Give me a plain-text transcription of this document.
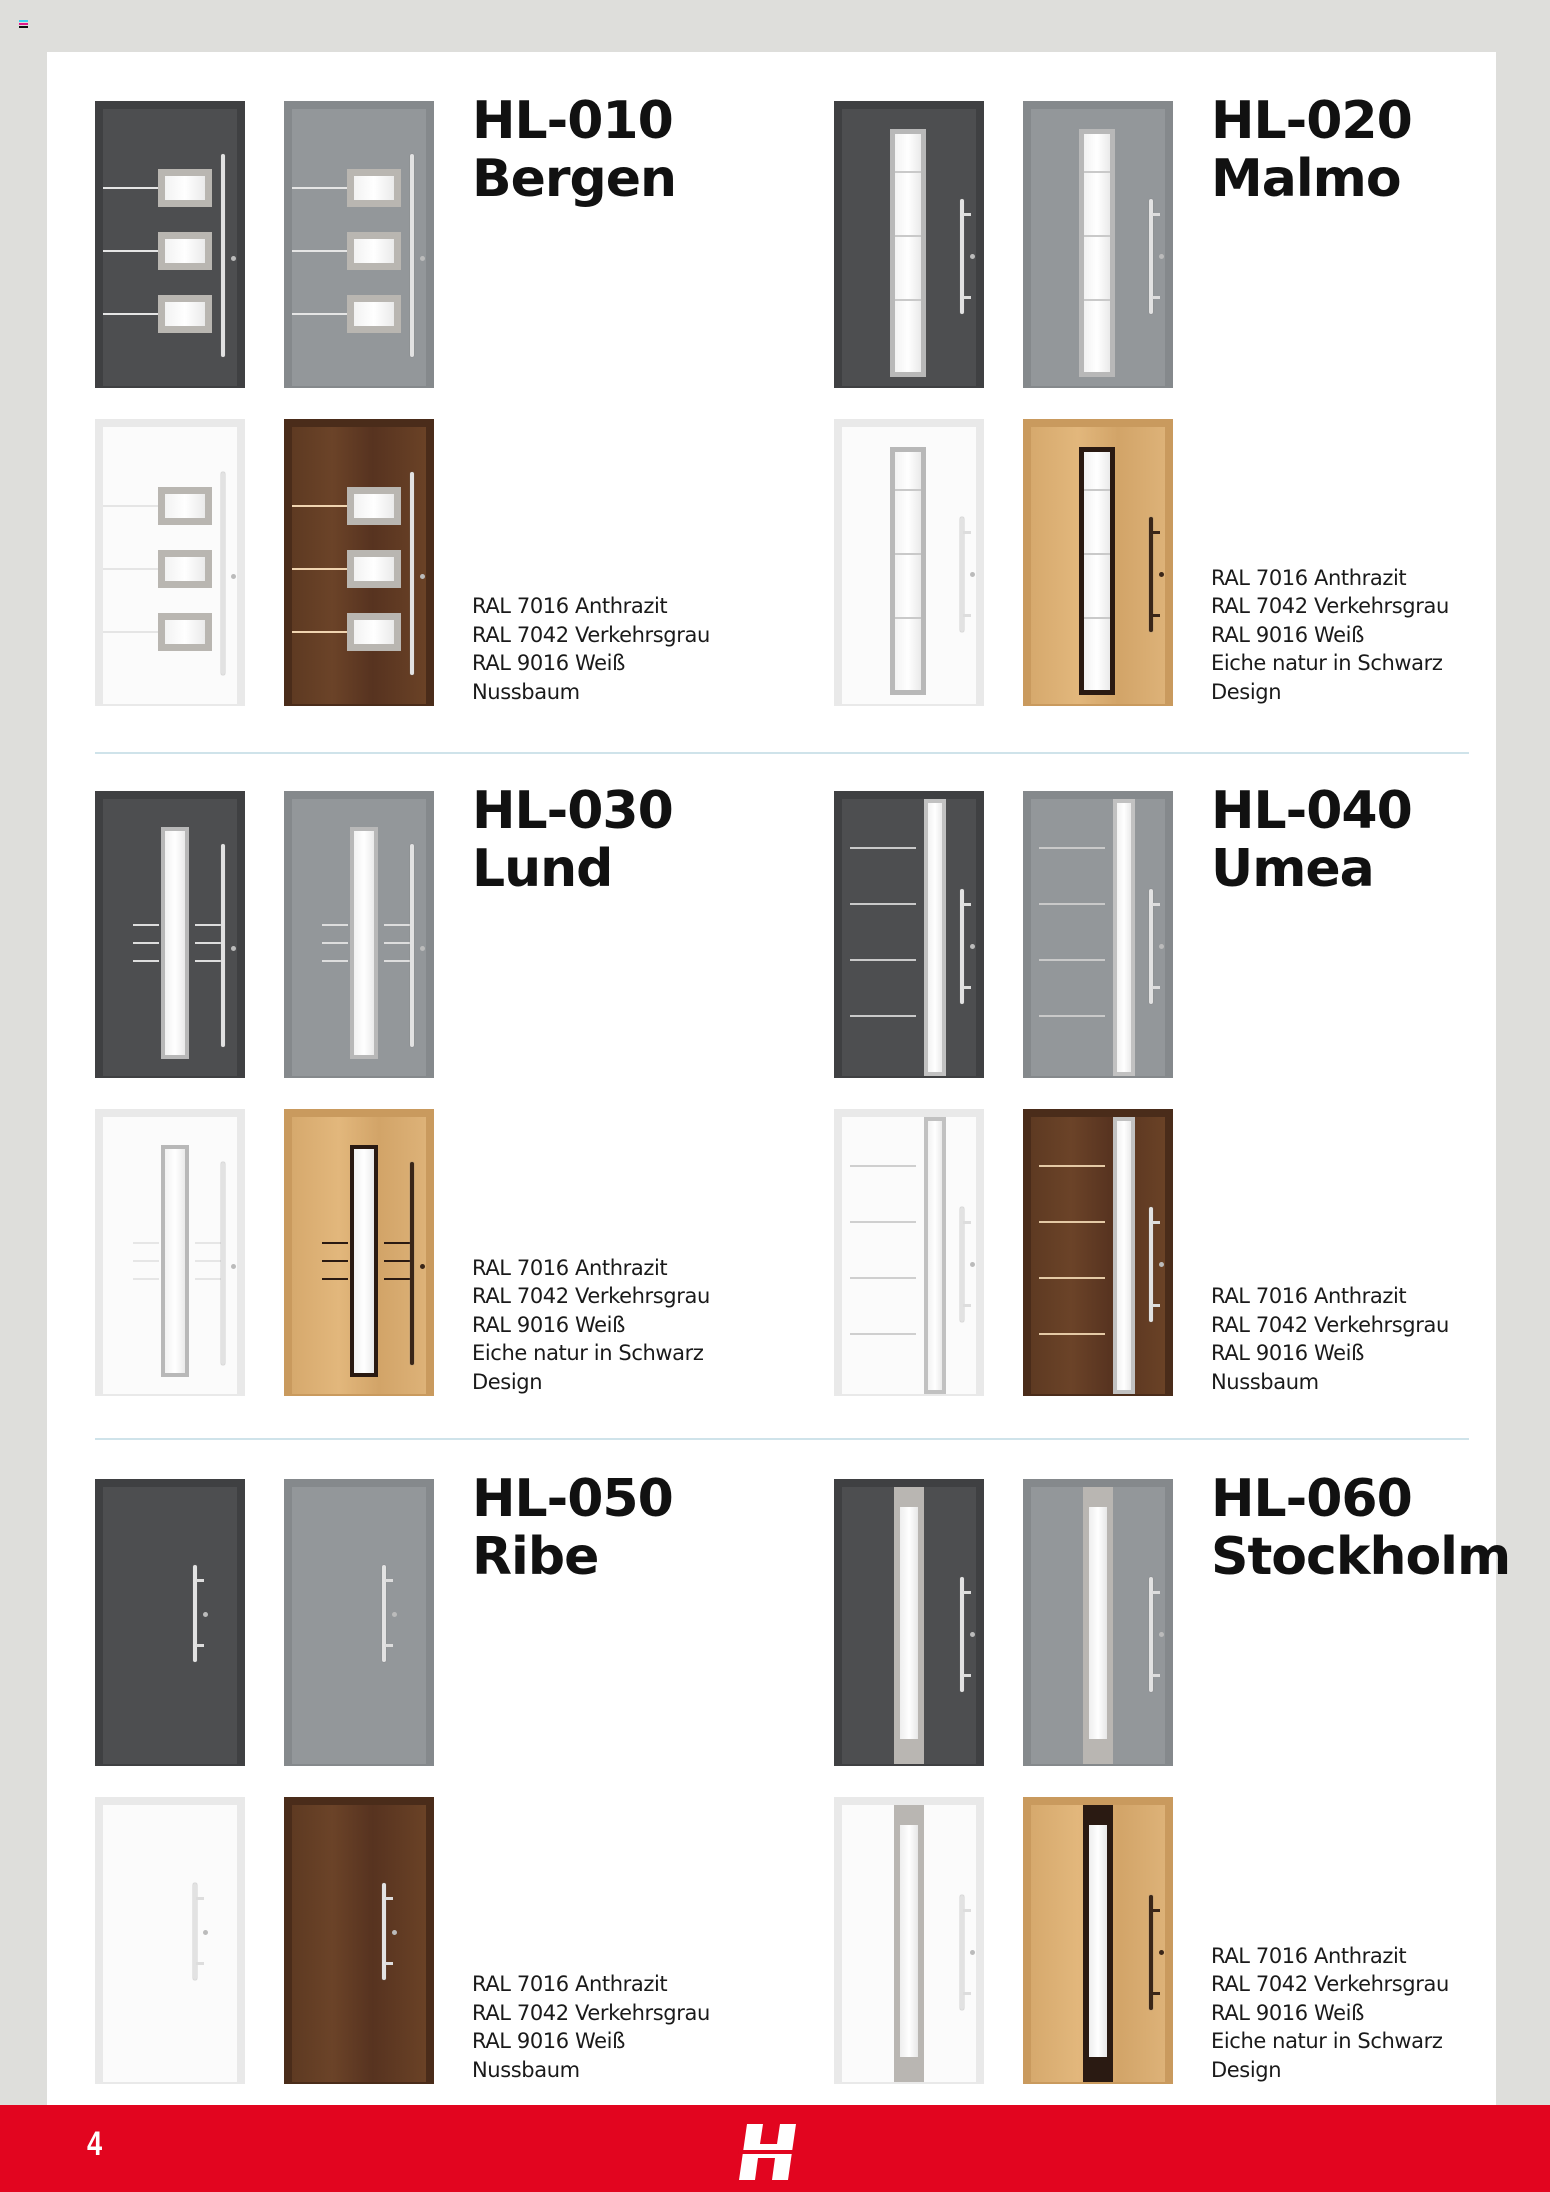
HL-010
Bergen
RAL 7016 Anthrazit
RAL 7042 Verkehrsgrau
RAL 9016 Weiß
Nussbaum
HL-020
Malmo
RAL 7016 Anthrazit
RAL 7042 Verkehrsgrau
RAL 9016 Weiß
Eiche natur in Schwarz
Design
HL-030
Lund
RAL 7016 Anthrazit
RAL 7042 Verkehrsgrau
RAL 9016 Weiß
Eiche natur in Schwarz
Design
HL-040
Umea
RAL 7016 Anthrazit
RAL 7042 Verkehrsgrau
RAL 9016 Weiß
Nussbaum
HL-050
Ribe
RAL 7016 Anthrazit
RAL 7042 Verkehrsgrau
RAL 9016 Weiß
Nussbaum
HL-060
Stockholm
RAL 7016 Anthrazit
RAL 7042 Verkehrsgrau
RAL 9016 Weiß
Eiche natur in Schwarz
Design
4
